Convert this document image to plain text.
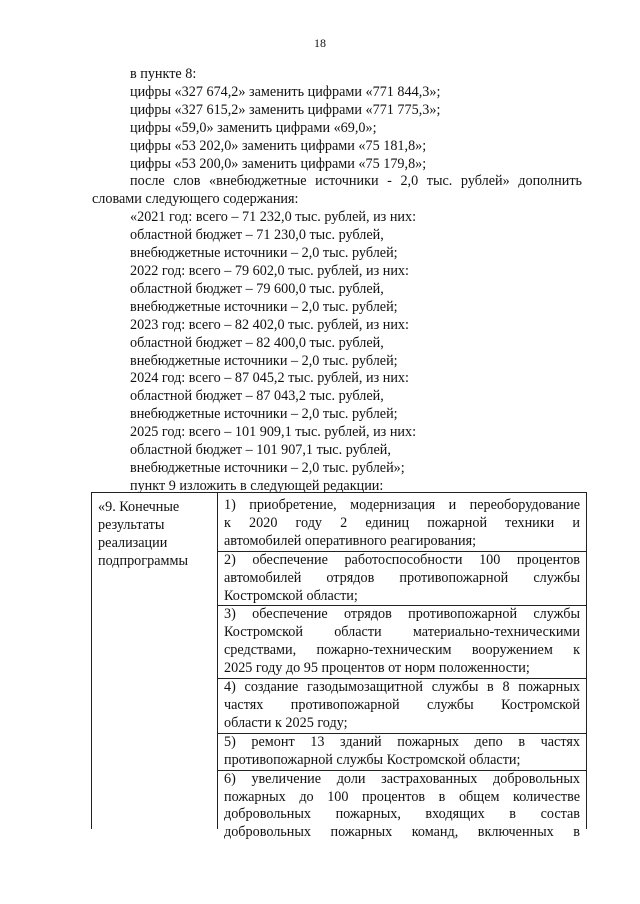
18
в пункте 8:
цифры «327 674,2» заменить цифрами «771 844,3»;
цифры «327 615,2» заменить цифрами «771 775,3»;
цифры «59,0» заменить цифрами «69,0»;
цифры «53 202,0» заменить цифрами «75 181,8»;
цифры «53 200,0» заменить цифрами «75 179,8»;
после слов «внебюджетные источники - 2,0 тыс. рублей» дополнить
словами следующего содержания:
«2021 год: всего – 71 232,0 тыс. рублей, из них:
областной бюджет – 71 230,0 тыс. рублей,
внебюджетные источники – 2,0 тыс. рублей;
2022 год: всего – 79 602,0 тыс. рублей, из них:
областной бюджет – 79 600,0 тыс. рублей,
внебюджетные источники – 2,0 тыс. рублей;
2023 год: всего – 82 402,0 тыс. рублей, из них:
областной бюджет – 82 400,0 тыс. рублей,
внебюджетные источники – 2,0 тыс. рублей;
2024 год: всего – 87 045,2 тыс. рублей, из них:
областной бюджет – 87 043,2 тыс. рублей,
внебюджетные источники – 2,0 тыс. рублей;
2025 год: всего – 101 909,1 тыс. рублей, из них:
областной бюджет – 101 907,1 тыс. рублей,
внебюджетные источники – 2,0 тыс. рублей»;
пункт 9 изложить в следующей редакции:
«9. Конечные
результаты
реализации
подпрограммы
1) приобретение, модернизация и переоборудование
к 2020 году 2 единиц пожарной техники и
автомобилей оперативного реагирования;
2) обеспечение работоспособности 100 процентов
автомобилей отрядов противопожарной службы
Костромской области;
3) обеспечение отрядов противопожарной службы
Костромской области материально-техническими
средствами, пожарно-техническим вооружением к
2025 году до 95 процентов от норм положенности;
4) создание газодымозащитной службы в 8 пожарных
частях противопожарной службы Костромской
области к 2025 году;
5) ремонт 13 зданий пожарных депо в частях
противопожарной службы Костромской области;
6) увеличение доли застрахованных добровольных
пожарных до 100 процентов в общем количестве
добровольных пожарных, входящих в состав
добровольных пожарных команд, включенных в
